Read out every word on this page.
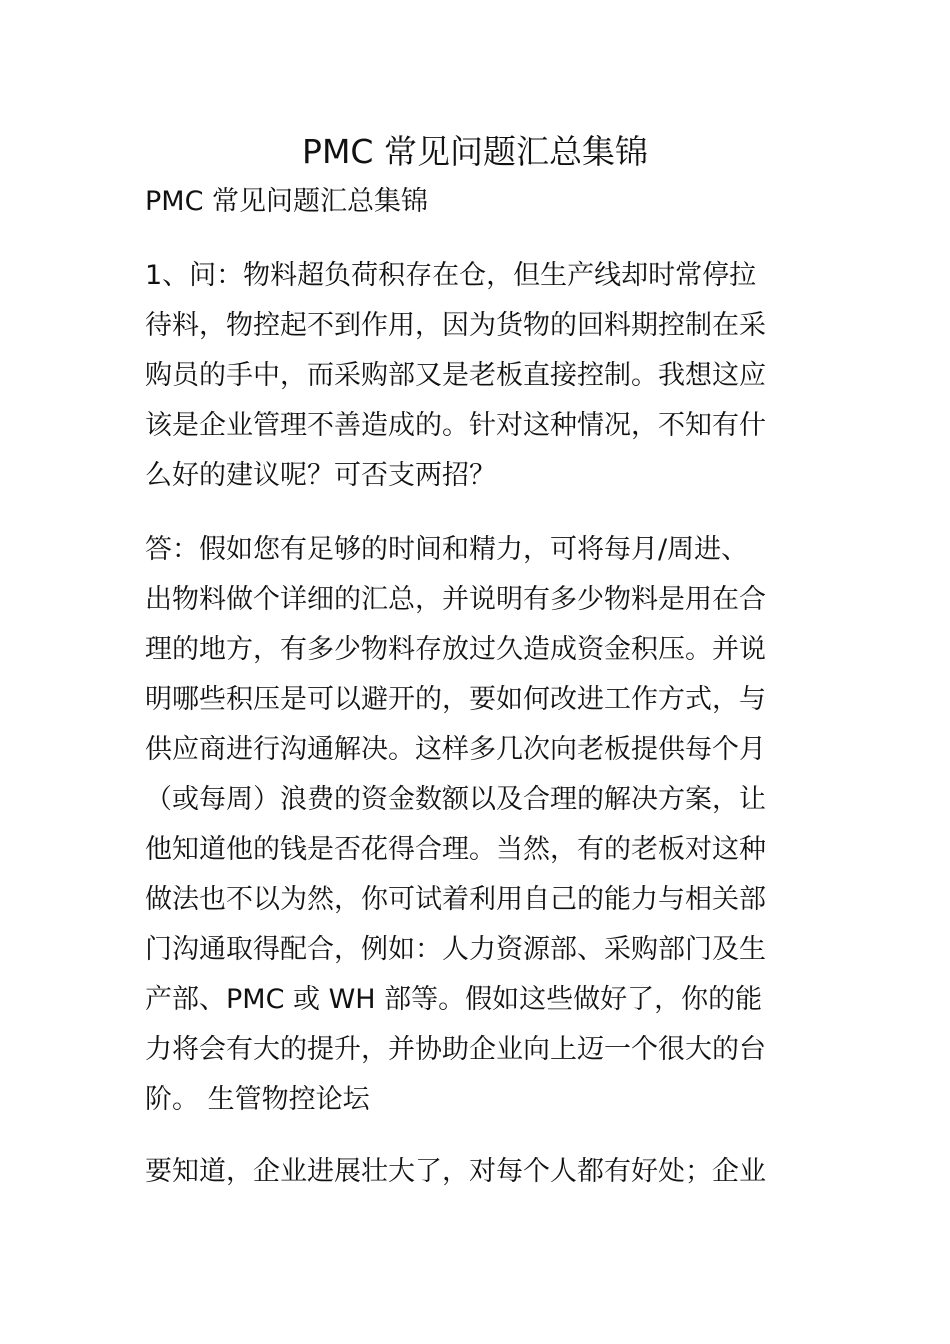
PMC 常见问题汇总集锦
PMC 常见问题汇总集锦
1、问：物料超负荷积存在仓，但生产线却时常停拉
待料，物控起不到作用，因为货物的回料期控制在采
购员的手中，而采购部又是老板直接控制。我想这应
该是企业管理不善造成的。针对这种情况，不知有什
么好的建议呢？可否支两招？
答：假如您有足够的时间和精力，可将每月/周进、
出物料做个详细的汇总，并说明有多少物料是用在合
理的地方，有多少物料存放过久造成资金积压。并说
明哪些积压是可以避开的，要如何改进工作方式，与
供应商进行沟通解决。这样多几次向老板提供每个月
（或每周）浪费的资金数额以及合理的解决方案，让
他知道他的钱是否花得合理。当然，有的老板对这种
做法也不以为然，你可试着利用自己的能力与相关部
门沟通取得配合，例如：人力资源部、采购部门及生
产部、PMC 或 WH 部等。假如这些做好了，你的能
力将会有大的提升，并协助企业向上迈一个很大的台
阶。 生管物控论坛
要知道，企业进展壮大了，对每个人都有好处；企业
